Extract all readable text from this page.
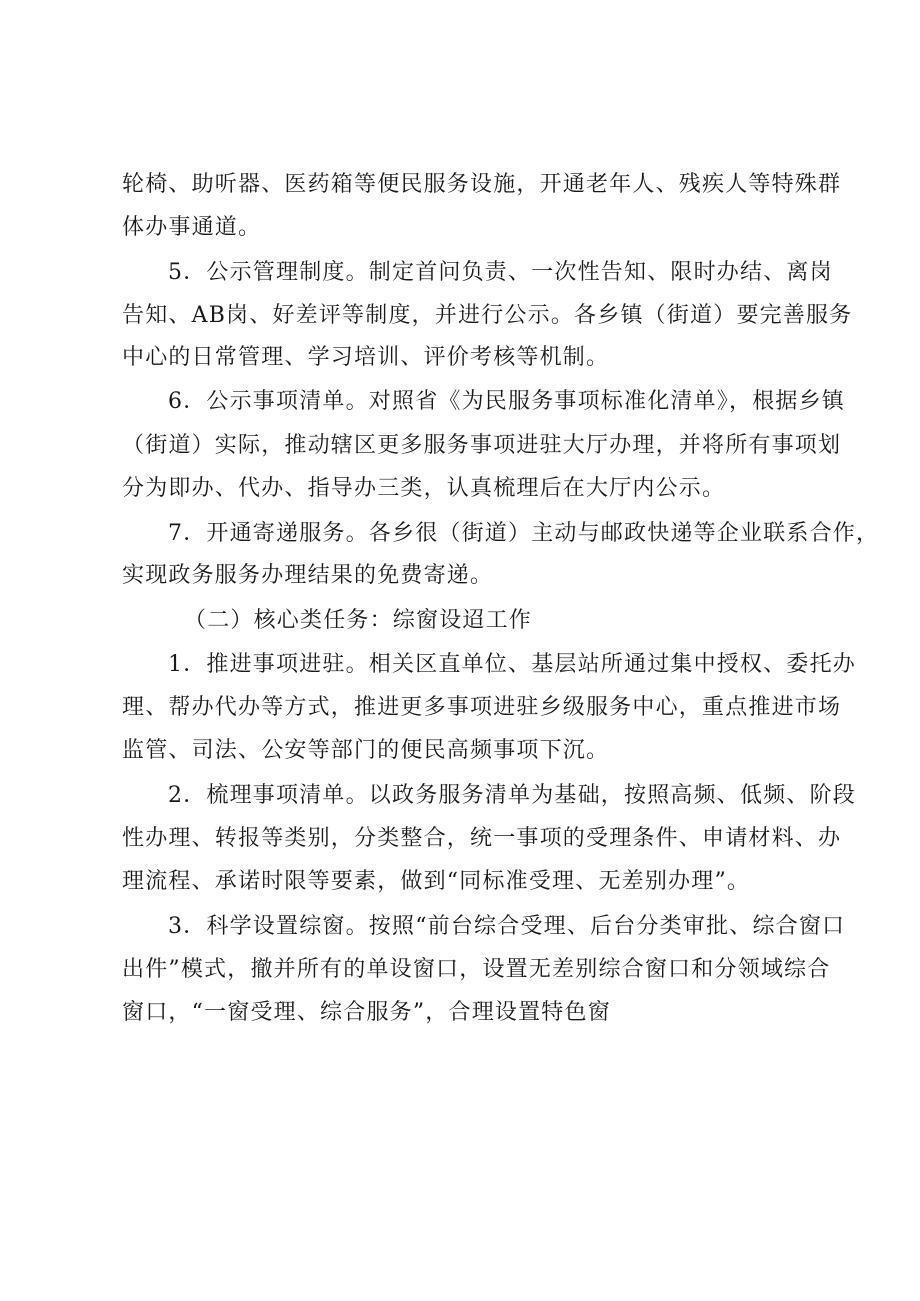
轮椅、助听器、医药箱等便民服务设施，开通老年人、残疾人等特殊群
体办事通道。
5．公示管理制度。制定首问负责、一次性告知、限时办结、离岗
告知、AB岗、好差评等制度，并进行公示。各乡镇（街道）要完善服务
中心的日常管理、学习培训、评价考核等机制。
6．公示事项清单。对照省《为民服务事项标准化清单》，根据乡镇
（街道）实际，推动辖区更多服务事项进驻大厅办理，并将所有事项划
分为即办、代办、指导办三类，认真梳理后在大厅内公示。
7．开通寄递服务。各乡很（街道）主动与邮政快递等企业联系合作，
实现政务服务办理结果的免费寄递。
（二）核心类任务：综窗设迢工作
1．推进事项进驻。相关区直单位、基层站所通过集中授权、委托办
理、帮办代办等方式，推进更多事项进驻乡级服务中心，重点推进市场
监管、司法、公安等部门的便民高频事项下沉。
2．梳理事项清单。以政务服务清单为基础，按照高频、低频、阶段
性办理、转报等类别，分类整合，统一事项的受理条件、申请材料、办
理流程、承诺时限等要素，做到“同标准受理、无差别办理”。
3．科学设置综窗。按照“前台综合受理、后台分类审批、综合窗口
出件”模式，撤并所有的单设窗口，设置无差别综合窗口和分领域综合
窗口，“一窗受理、综合服务”，合理设置特色窗
